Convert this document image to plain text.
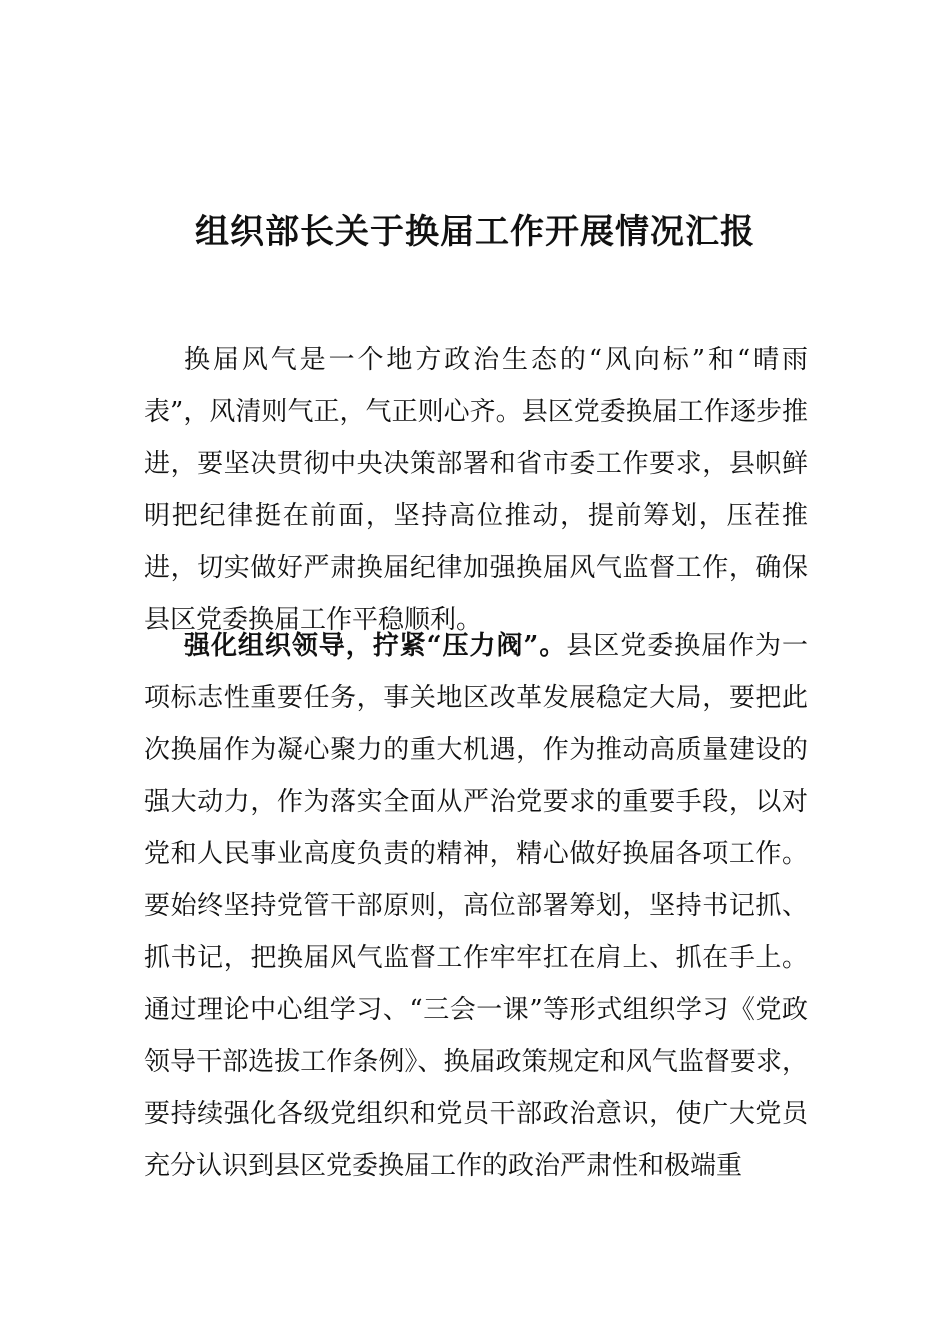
组织部长关于换届工作开展情况汇报

换届风气是一个地方政治生态的“风向标”和“晴雨表”，风清则气正，气正则心齐。县区党委换届工作逐步推进，要坚决贯彻中央决策部署和省市委工作要求，县帜鲜明把纪律挺在前面，坚持高位推动，提前筹划，压茬推进，切实做好严肃换届纪律加强换届风气监督工作，确保县区党委换届工作平稳顺利。

强化组织领导，拧紧“压力阀”。县区党委换届作为一项标志性重要任务，事关地区改革发展稳定大局，要把此次换届作为凝心聚力的重大机遇，作为推动高质量建设的强大动力，作为落实全面从严治党要求的重要手段，以对党和人民事业高度负责的精神，精心做好换届各项工作。要始终坚持党管干部原则，高位部署筹划，坚持书记抓、抓书记，把换届风气监督工作牢牢扛在肩上、抓在手上。通过理论中心组学习、“三会一课”等形式组织学习《党政领导干部选拔工作条例》、换届政策规定和风气监督要求，要持续强化各级党组织和党员干部政治意识，使广大党员充分认识到县区党委换届工作的政治严肃性和极端重
